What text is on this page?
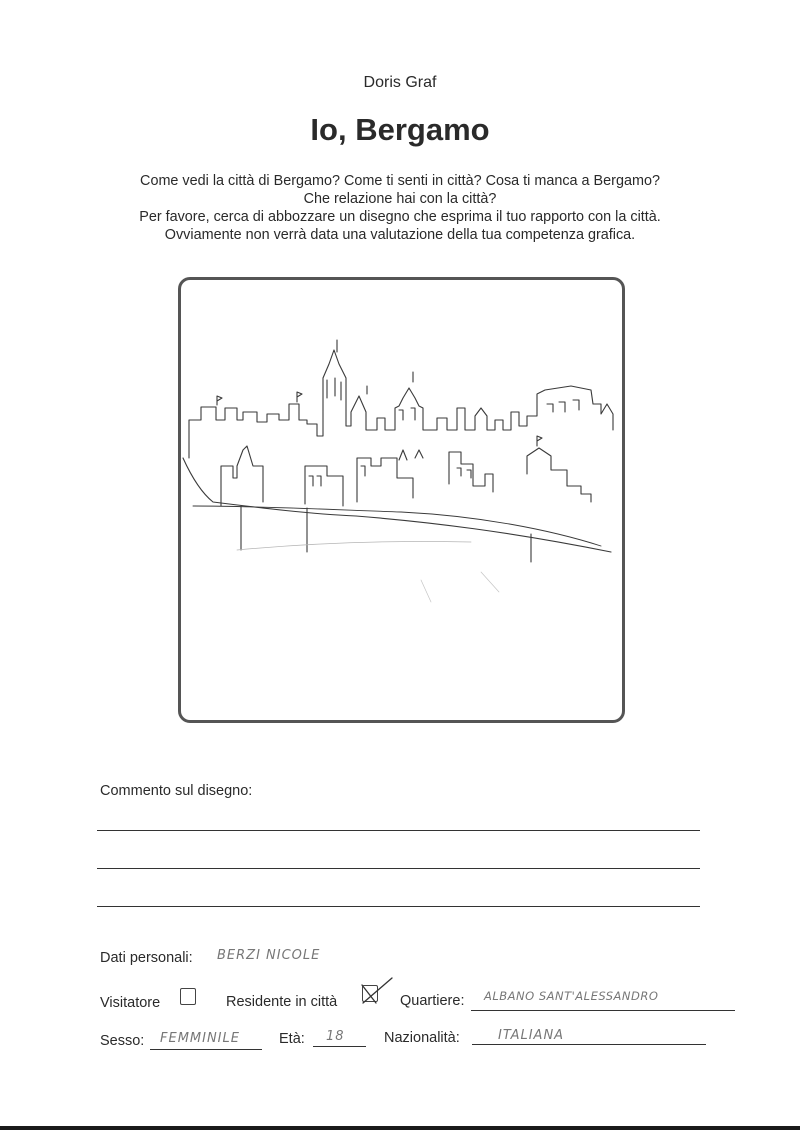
Doris Graf
Io, Bergamo
Come vedi la città di Bergamo? Come ti senti in città? Cosa ti manca a Bergamo?
Che relazione hai con la città?
Per favore, cerca di abbozzare un disegno che esprima il tuo rapporto con la città.
Ovviamente non verrà data una valutazione della tua competenza grafica.
Commento sul disegno:
Dati personali: BERZI NICOLE
Visitatore	Residente in città	Quartiere: ALBANO SANT'ALESSANDRO
Sesso: FEMMINILE	Età: 18	Nazionalità:	ITALIANA
